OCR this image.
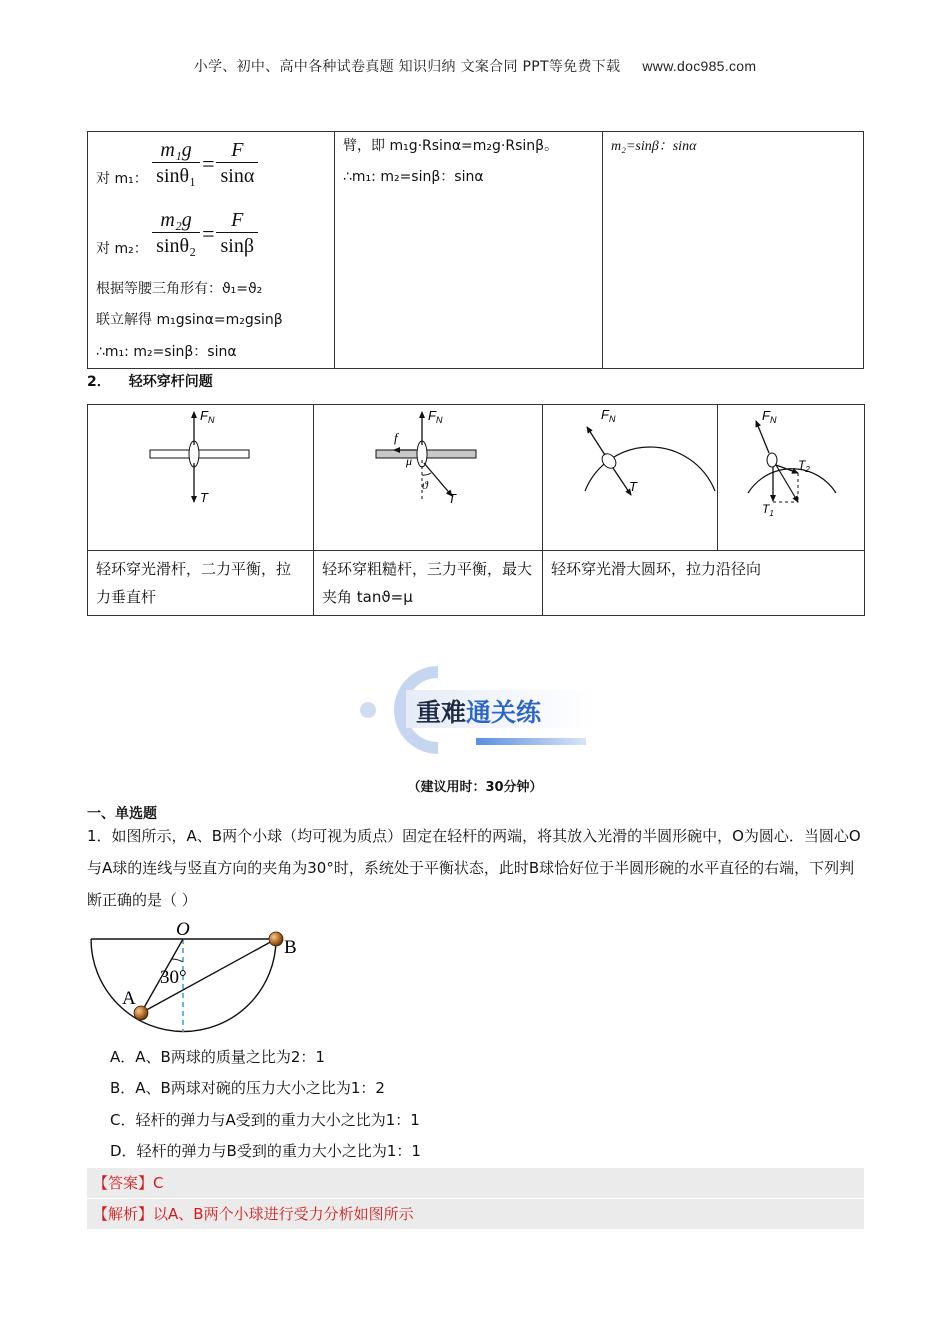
小学、初中、高中各种试卷真题 知识归纳 文案合同 PPT等免费下载 www.doc985.com
对 m₁： $\frac{\text{m₁g}}{\text{sinθ₁}} = \frac{F}{\sin\alpha}$
对 m₂： $\frac{\text{m₂g}}{\text{sinθ₂}} = \frac{F}{\sin\beta}$
根据等腰三角形有：ϑ₁=ϑ₂
联立解得 m₁gsinα=m₂gsinβ
∴m₁: m₂=sinβ：sinα

臂，即 m₁g·Rsinα=m₂g·Rsinβ。
∴m₁: m₂=sinβ：sinα

m₂=sinβ：sinα
2． 轻环穿杆问题
$F_N$
T	$F_N$
f
μ
ϑ
T	$F_N$
T	$F_N$
$T_2$
$T_1$

轻环穿光滑杆，二力平衡，拉力垂直杆	轻环穿粗糙杆，三力平衡，最大夹角 tanϑ=μ	轻环穿光滑大圆环，拉力沿径向	
重难通关练
（建议用时：30分钟）
一、单选题
1．如图所示，A、B两个小球（均可视为质点）固定在轻杆的两端，将其放入光滑的半圆形碗中，O为圆心．当圆心O与A球的连线与竖直方向的夹角为30°时，系统处于平衡状态，此时B球恰好位于半圆形碗的水平直径的右端，下列判断正确的是（ ）
O
B
A
30°
A．A、B两球的质量之比为2：1
B．A、B两球对碗的压力大小之比为1：2
C．轻杆的弹力与A受到的重力大小之比为1：1
D．轻杆的弹力与B受到的重力大小之比为1：1
【答案】C
【解析】以A、B两个小球进行受力分析如图所示
